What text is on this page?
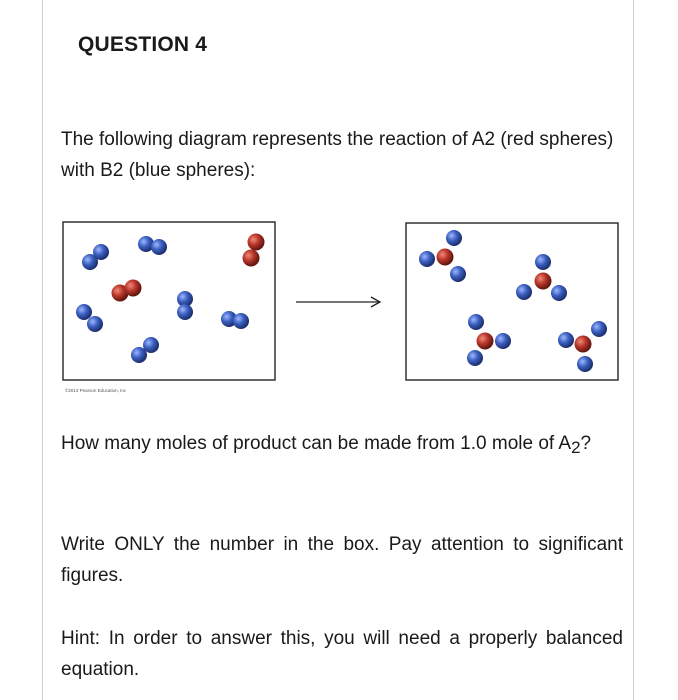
QUESTION 4
The following diagram represents the reaction of A2 (red spheres) with B2 (blue spheres):
©2013 Pearson Education, Inc
How many moles of product can be made from 1.0 mole of $A_2$?
Write ONLY the number in the box. Pay attention to significant figures.
Hint: In order to answer this, you will need a properly balanced equation.
